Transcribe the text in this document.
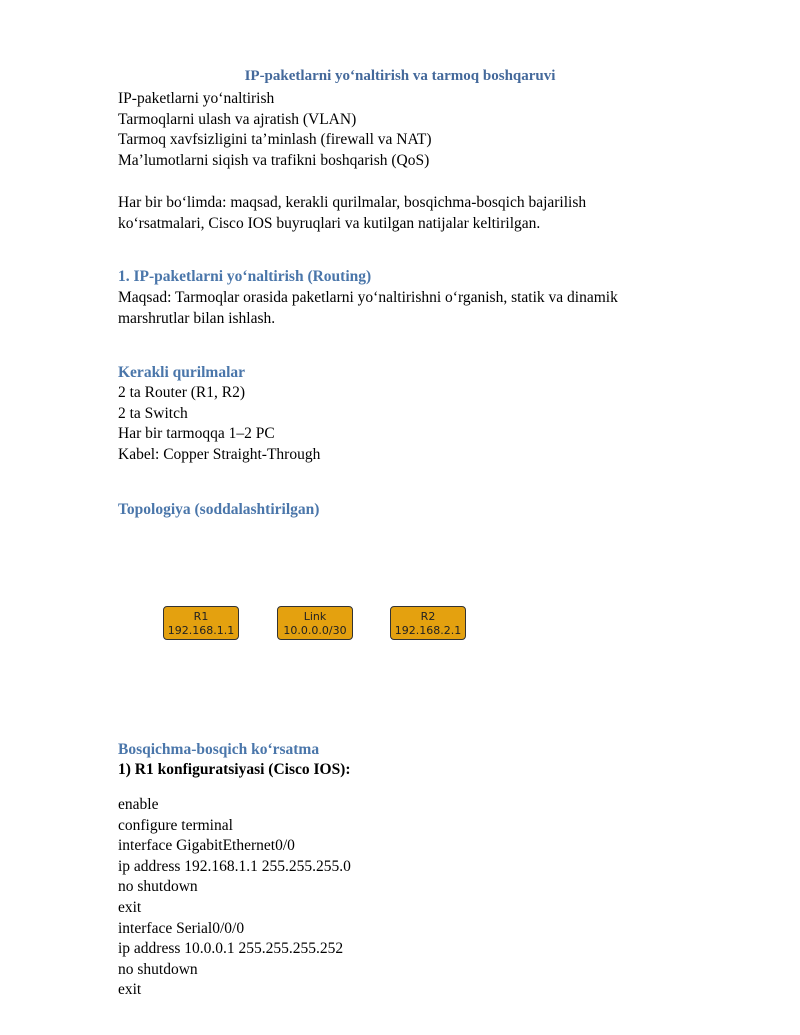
IP-paketlarni yo‘naltirish va tarmoq boshqaruvi
IP-paketlarni yo‘naltirish
Tarmoqlarni ulash va ajratish (VLAN)
Tarmoq xavfsizligini ta’minlash (firewall va NAT)
Ma’lumotlarni siqish va trafikni boshqarish (QoS)
Har bir bo‘limda: maqsad, kerakli qurilmalar, bosqichma-bosqich bajarilish
ko‘rsatmalari, Cisco IOS buyruqlari va kutilgan natijalar keltirilgan.
1. IP-paketlarni yo‘naltirish (Routing)
Maqsad: Tarmoqlar orasida paketlarni yo‘naltirishni o‘rganish, statik va dinamik
marshrutlar bilan ishlash.
Kerakli qurilmalar
2 ta Router (R1, R2)
2 ta Switch
Har bir tarmoqqa 1–2 PC
Kabel: Copper Straight-Through
Topologiya (soddalashtirilgan)
R1
192.168.1.1
Link
10.0.0.0/30
R2
192.168.2.1
Bosqichma-bosqich ko‘rsatma
1) R1 konfiguratsiyasi (Cisco IOS):
enable
configure terminal
interface GigabitEthernet0/0
ip address 192.168.1.1 255.255.255.0
no shutdown
exit
interface Serial0/0/0
ip address 10.0.0.1 255.255.255.252
no shutdown
exit
